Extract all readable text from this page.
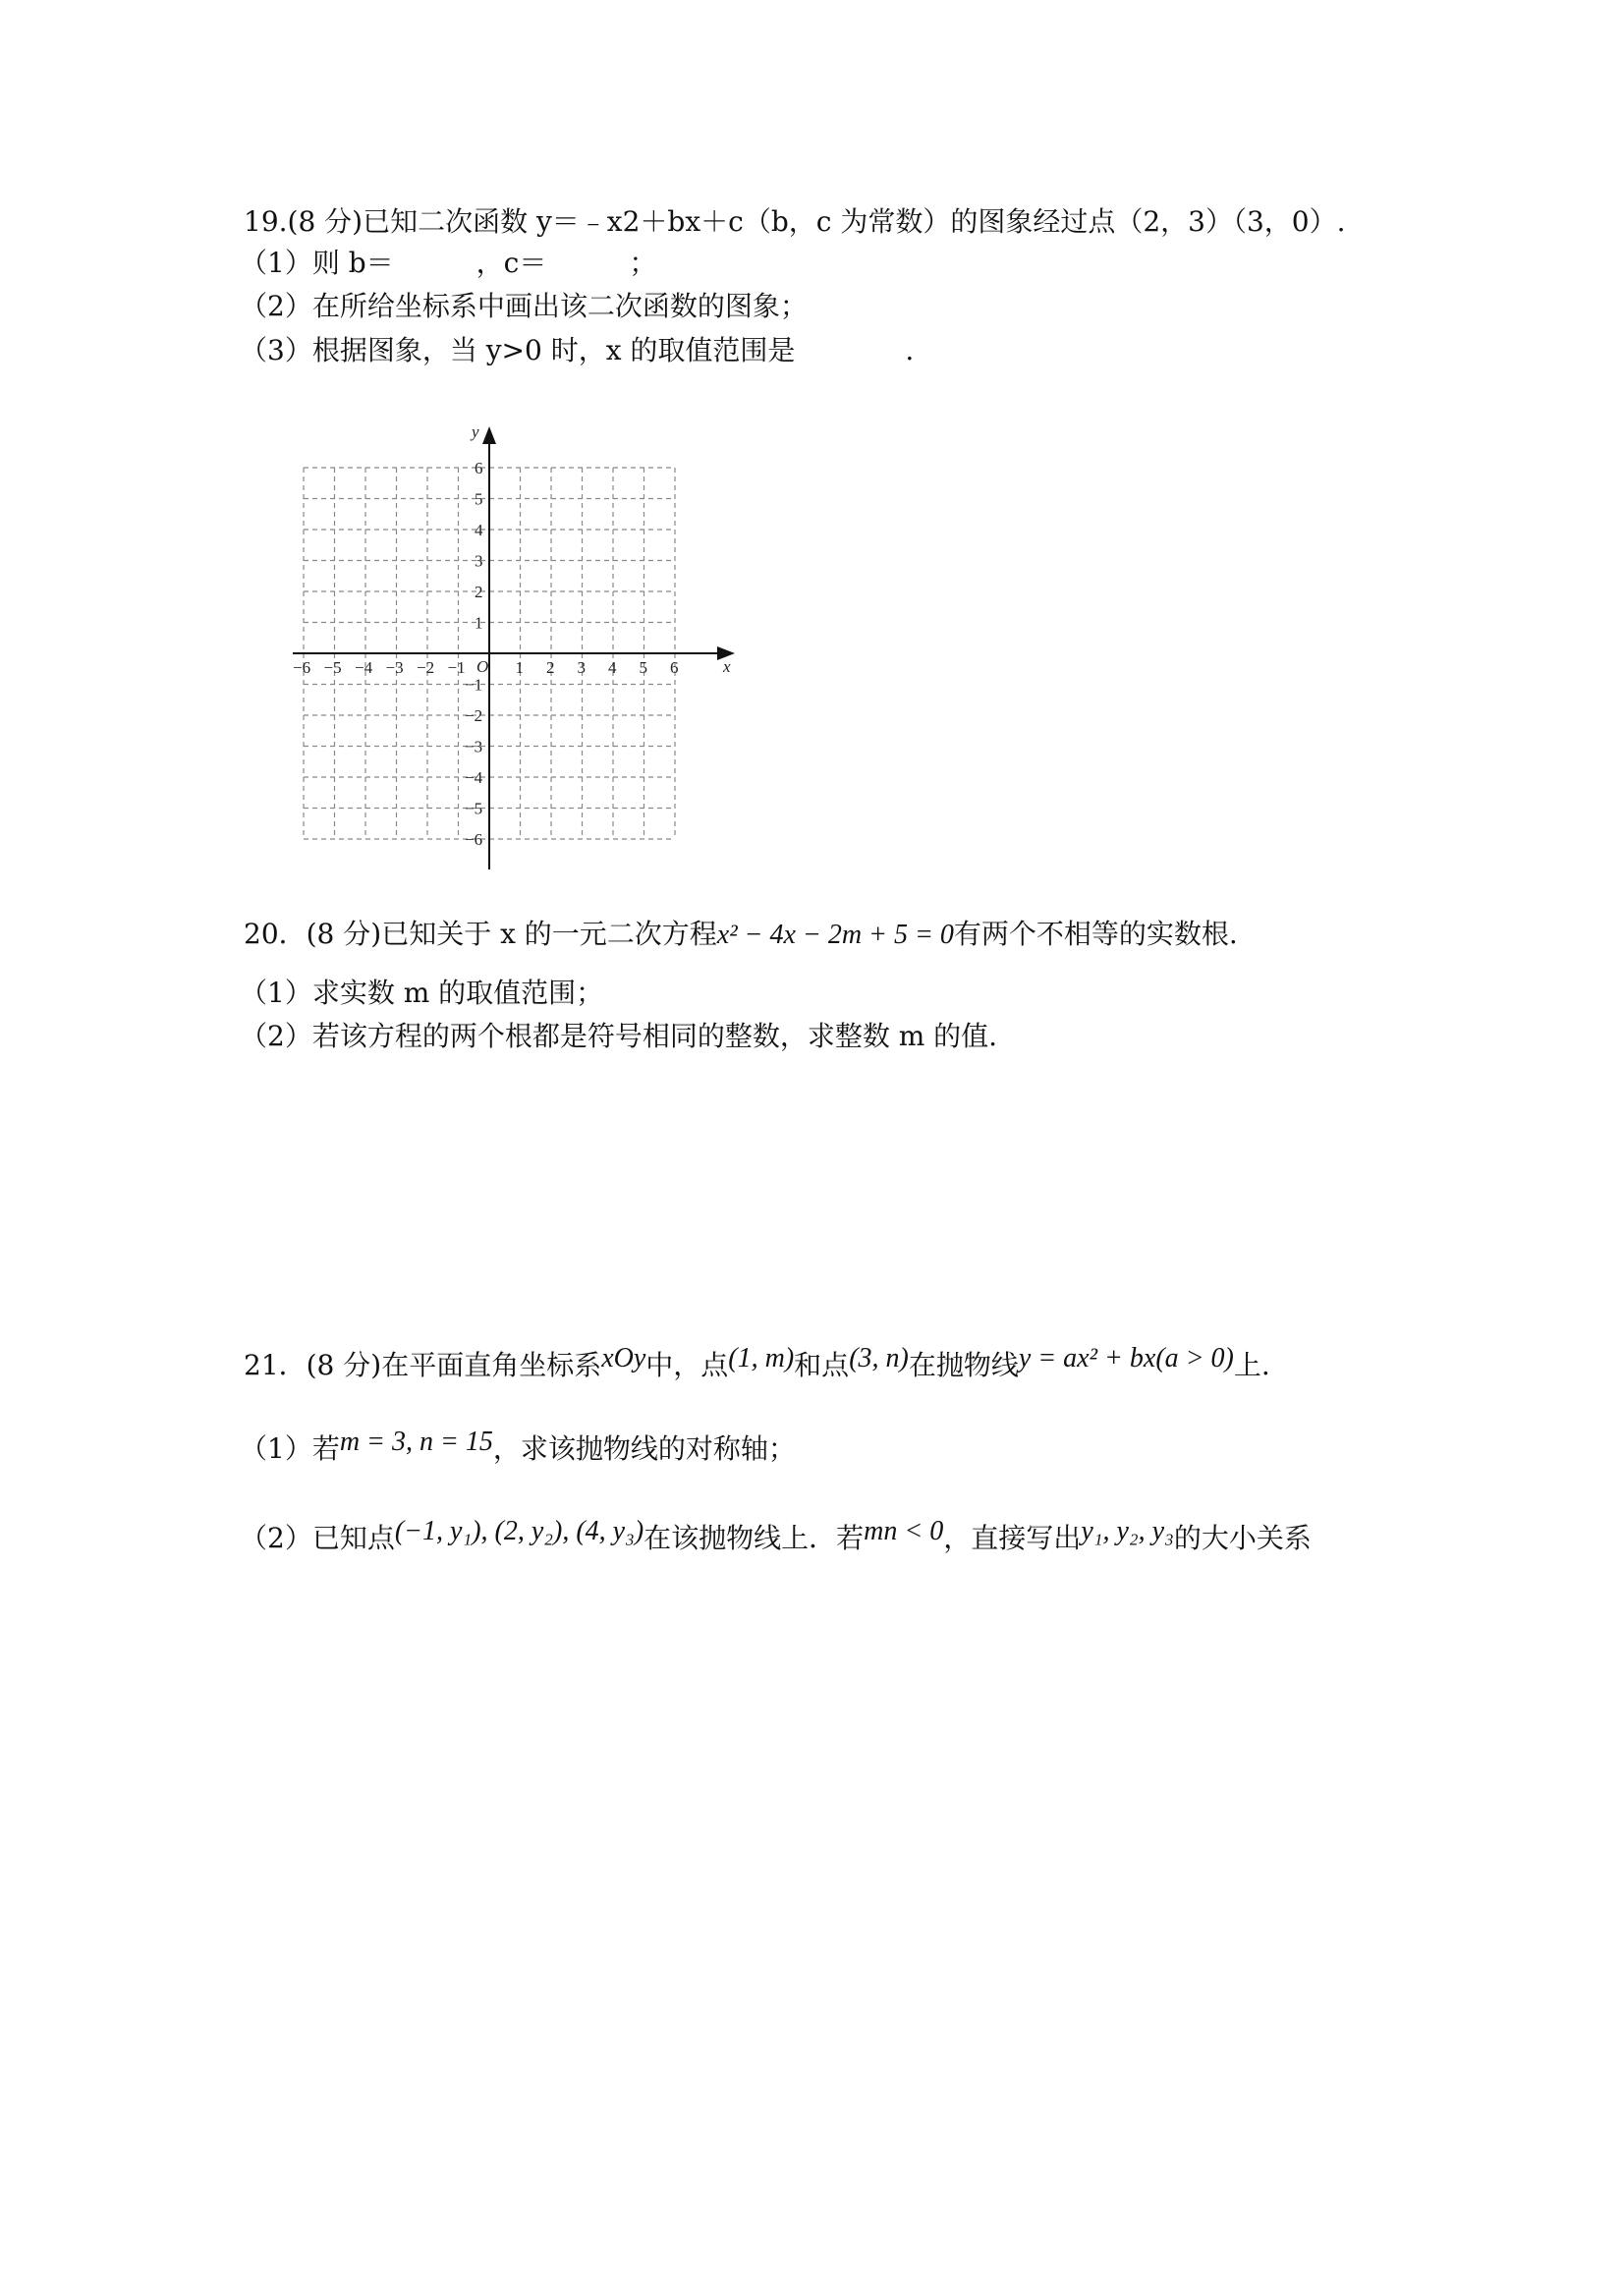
19.(8 分)已知二次函数 y＝﹣x2＋bx＋c（b，c 为常数）的图象经过点（2，3）（3，0）.
（1）则 b＝　　　，c＝　　　；
（2）在所给坐标系中画出该二次函数的图象；
（3）根据图象，当 y>0 时，x 的取值范围是　　　　.
−6 −5 −4 −3 −2 −1	1 2 3 4 5 6
1
2
3
4
5
6
−1
−2
−3
−4
−5
−6
x
y
O
20．(8 分)已知关于 x 的一元二次方程x² − 4x − 2m + 5 = 0有两个不相等的实数根.
（1）求实数 m 的取值范围；
（2）若该方程的两个根都是符号相同的整数，求整数 m 的值.
21．(8 分)在平面直角坐标系xOy中，点(1, m)和点(3, n)在抛物线y = ax² + bx(a > 0)上.
（1）若m = 3, n = 15，求该抛物线的对称轴；
（2）已知点(−1, y₁), (2, y₂), (4, y₃)在该抛物线上．若mn < 0，直接写出y₁, y₂, y₃的大小关系
